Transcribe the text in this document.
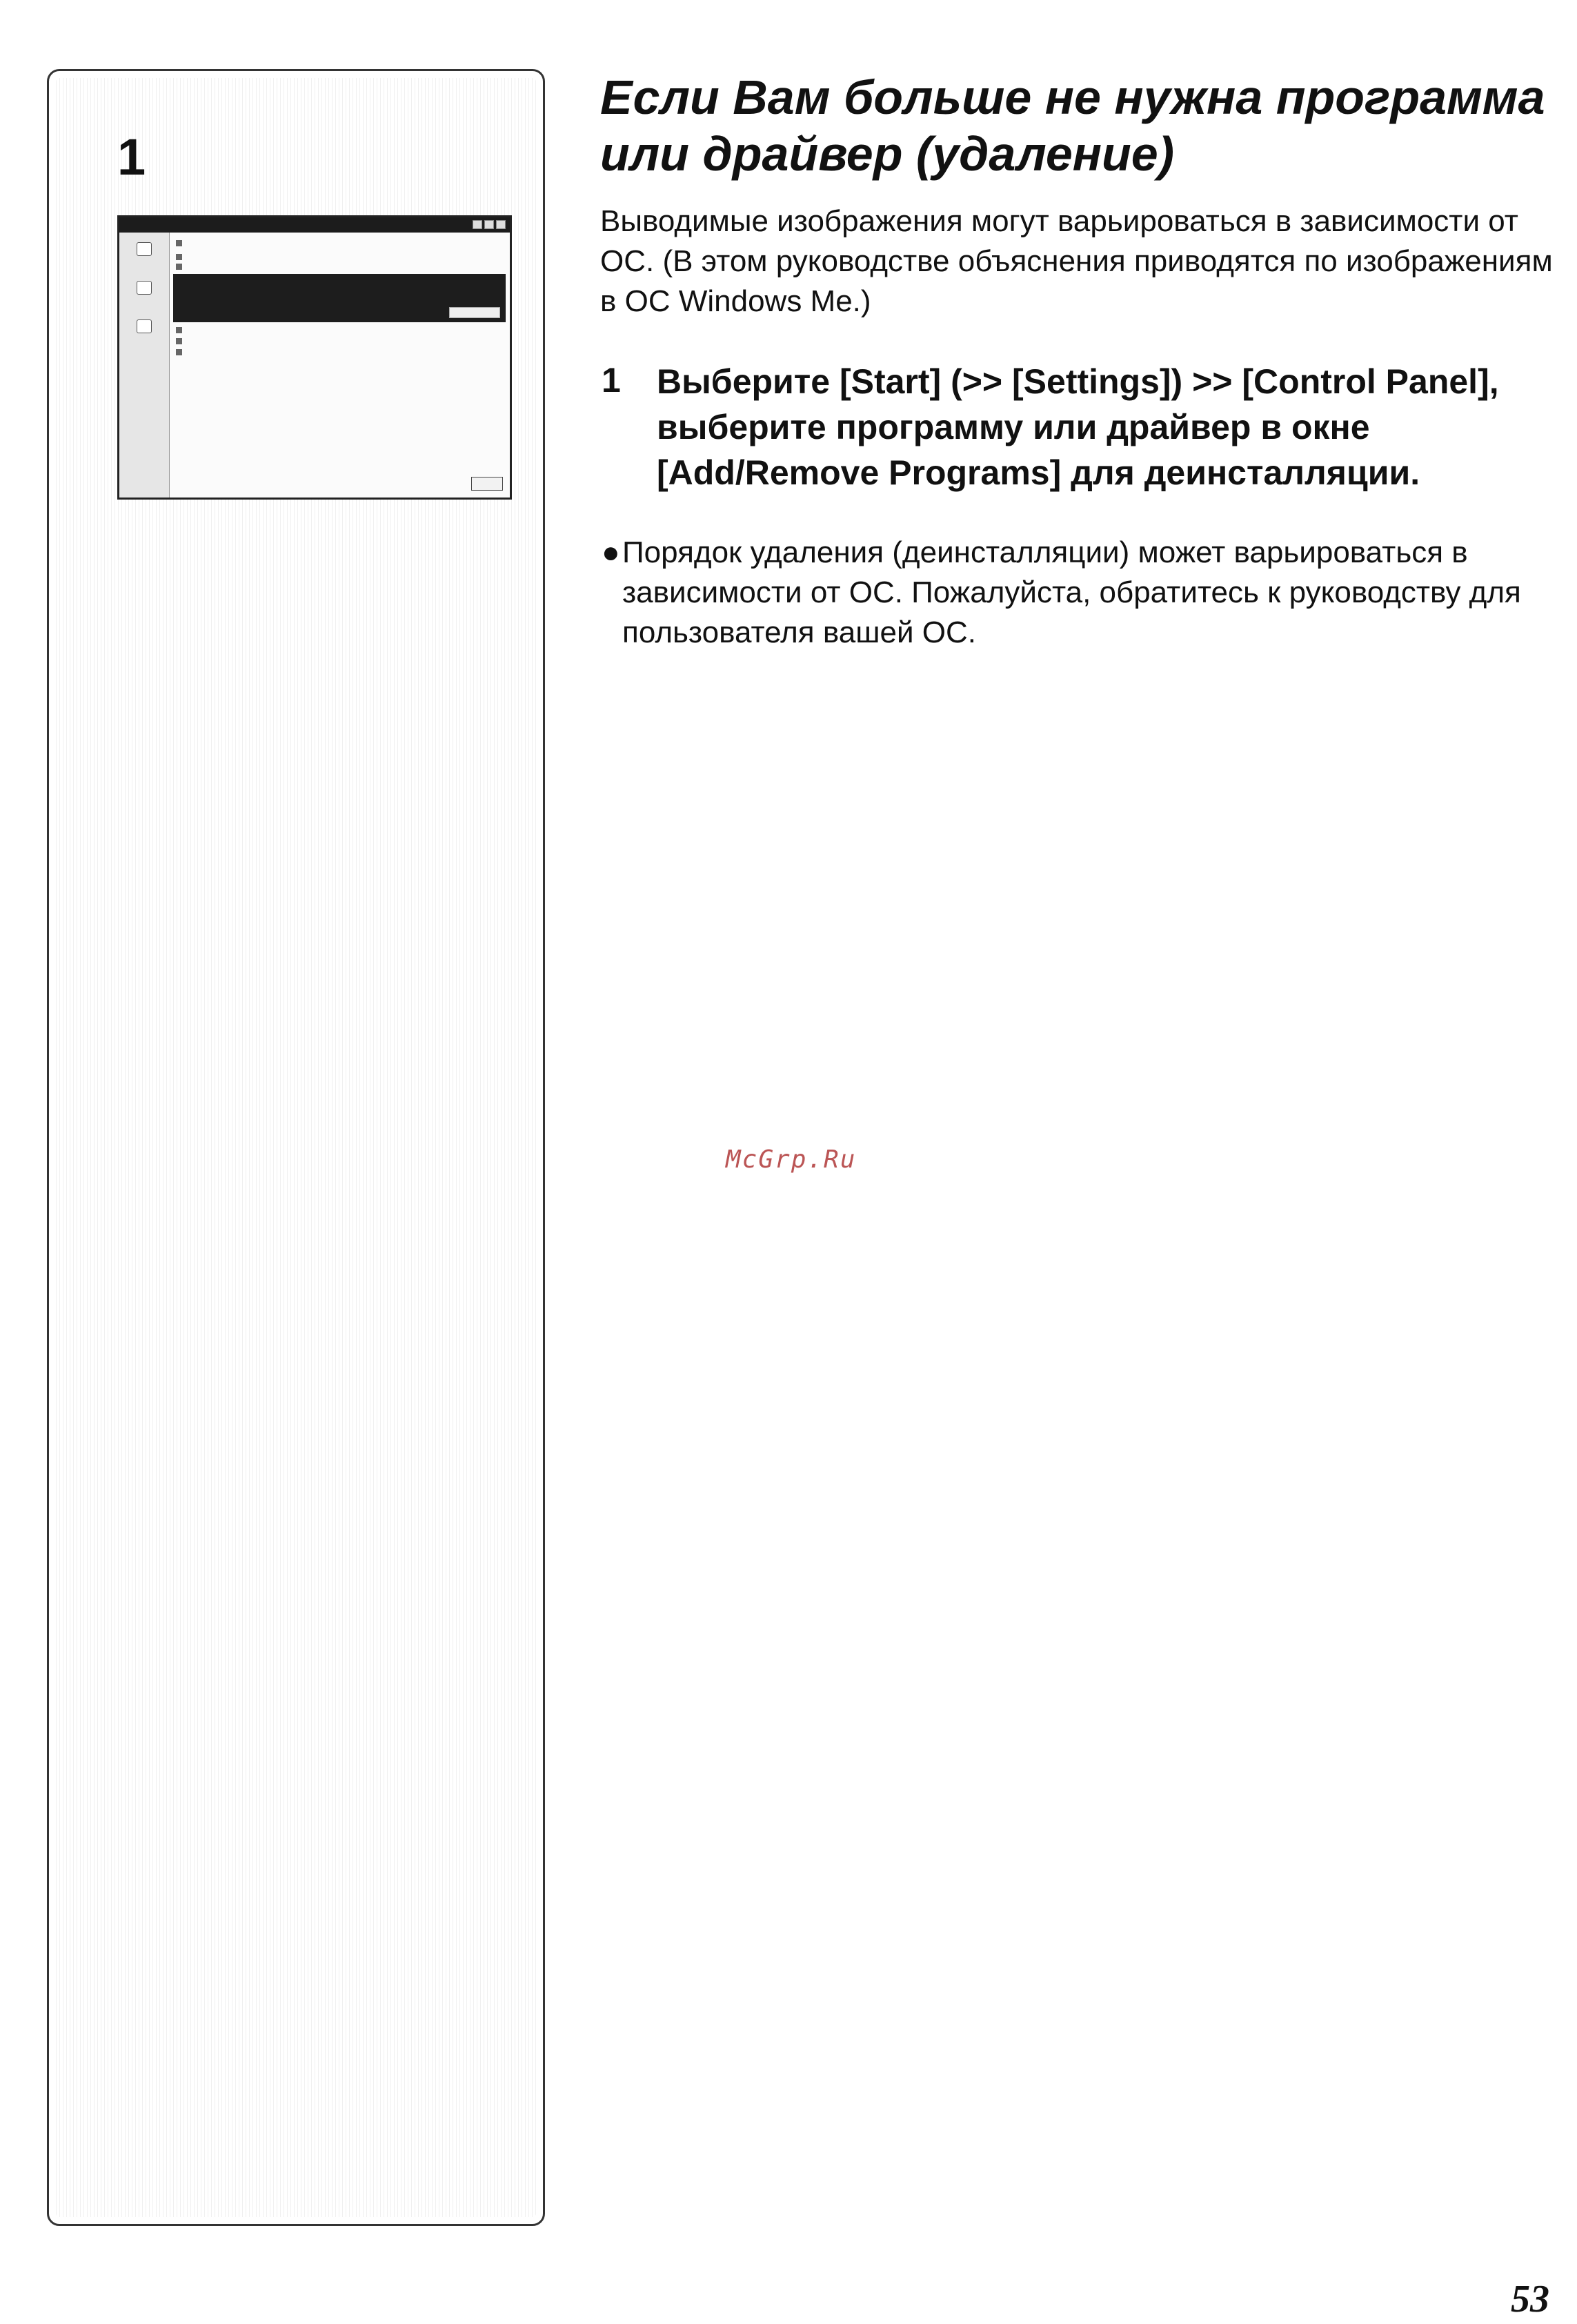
1
Если Вам больше не нужна программа или драйвер (удаление)

Выводимые изображения могут варьироваться в зависимости от ОС. (В этом руководстве объяснения приводятся по изображениям в ОС Windows Me.)

1 Выберите [Start] (>> [Settings]) >> [Control Panel], выберите программу или драйвер в окне [Add/Remove Programs] для деинсталляции.

● Порядок удаления (деинсталляции) может варьироваться в зависимости от ОС. Пожалуйста, обратитесь к руководству для пользователя вашей ОС.
McGrp.Ru
53
